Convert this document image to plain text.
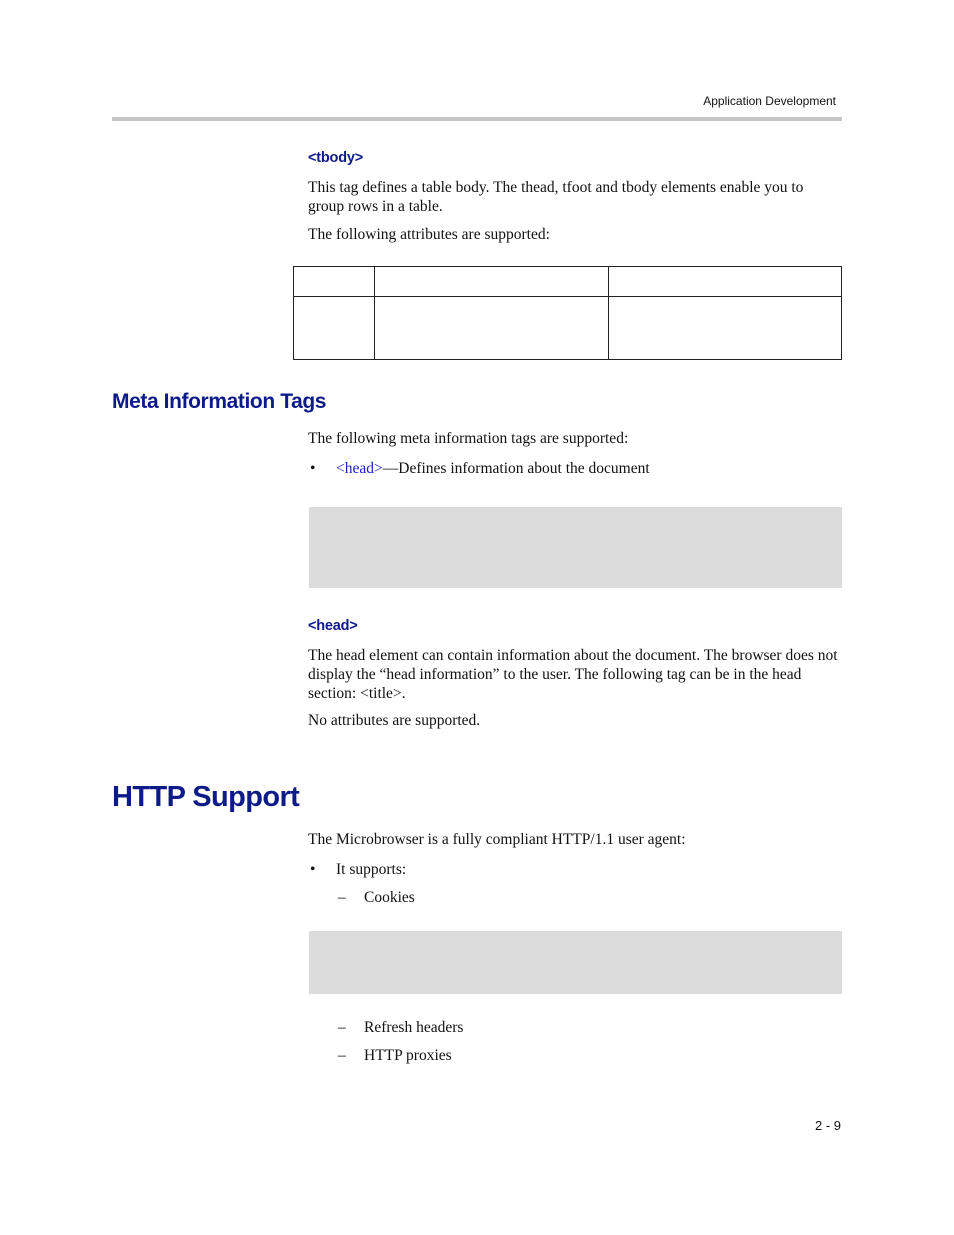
Application Development
<tbody>
This tag defines a table body. The thead, tfoot and tbody elements enable you to group rows in a table.
The following attributes are supported:

Meta Information Tags
The following meta information tags are supported:
• <head>—Defines information about the document
<head>
The head element can contain information about the document. The browser does not display the “head information” to the user. The following tag can be in the head section: <title>.
No attributes are supported.
HTTP Support
The Microbrowser is a fully compliant HTTP/1.1 user agent:
• It supports:
– Cookies
– Refresh headers
– HTTP proxies
2 - 9
